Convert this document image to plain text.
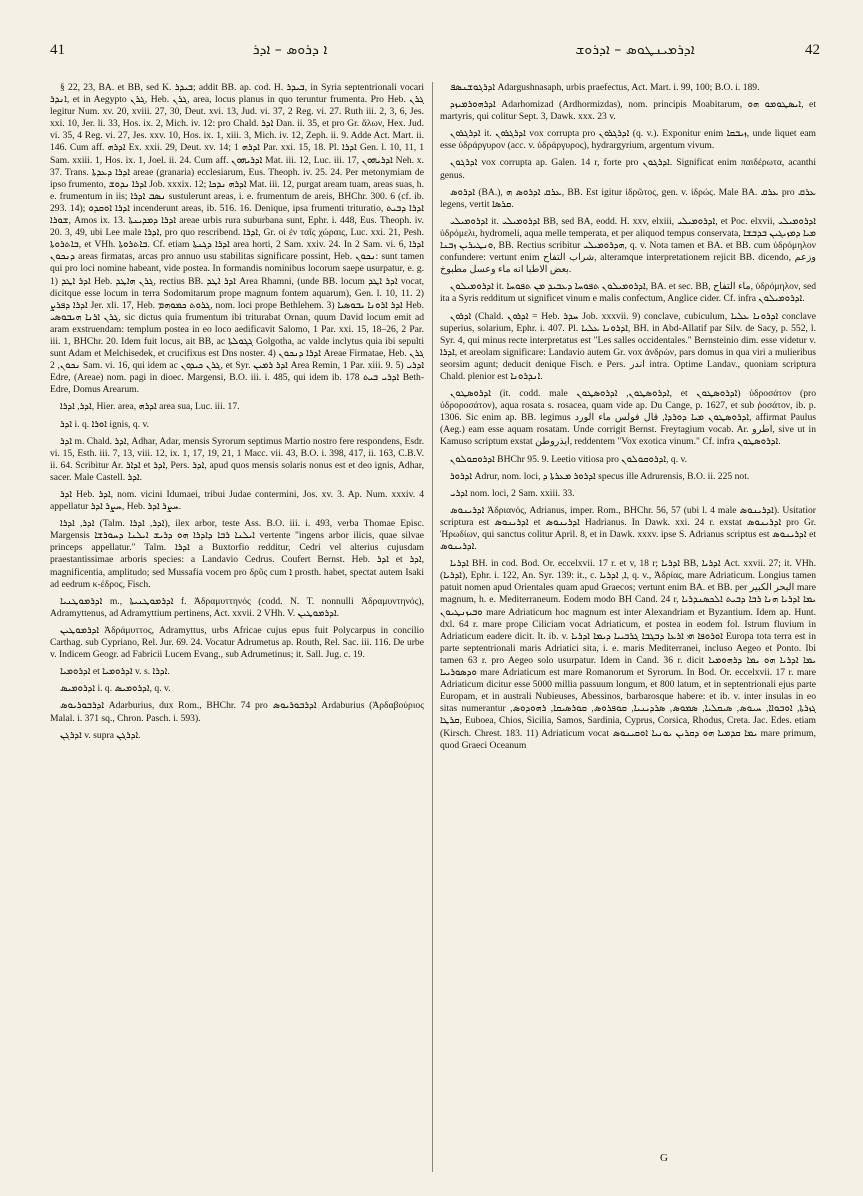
41	ܐ ܕܪܘܣ – ܐܕܪ	ܐܕܪܡܝܢܛܘܣ – ܐܕܪܘܫ	42

§ 22, 23, BA. et BB, sed K. ܒܝܕܪ; addit BB. ap. cod. H. ܒܝܕܪ, in Syria septentrionali vocari ܐܢܕܪ, et in Aegypto ܓܪܢ, Heb. ܓܪܢ, area, locus planus in quo teruntur frumenta. Pro Heb. ܓܪܢ legitur Num. xv. 20, xviii. 27, 30, Deut. xvi. 13, Jud. vi. 37, 2 Reg. vi. 27. Ruth iii. 2, 3, 6, Jes. xxi. 10, Jer. li. 33, Hos. ix. 2, Mich. iv. 12: pro Chald. ܐܕܪ Dan. ii. 35, et pro Gr. ἅλων, Hex. Jud. vi. 35, 4 Reg. vi. 27, Jes. xxv. 10, Hos. ix. 1, xiii. 3, Mich. iv. 12, Zeph. ii. 9. Adde Act. Mart. ii. 146. Cum aff. ܐܕܪܗ Ex. xxii. 29, Deut. xv. 14; ܐܕܪܗ 1 Par. xxi. 15, 18. Pl. ܐܕܪܐ Gen. l. 10, 11, 1 Sam. xxiii. 1, Hos. ix. 1, Joel. ii. 24. Cum aff. ܐܕܪܝܗܘܢ Mat. iii. 12, Luc. iii. 17, ܐܕܪܝܗܘܢ Neh. x. 37. Trans. ܐܕܪܐ ܕܥܕܬܐ areae (granaria) ecclesiarum, Eus. Theoph. iv. 25. 24. Per metonymiam de ipso frumento, ܐܕܪܐ ܢܕܘܫ Job. xxxix. 12; ܐܕܪܗ ܢܕܟܐ Mat. iii. 12, purgat aream tuam, areas suas, h. e. frumentum in iis; ܢܣܒ ܐܕܪܐ sustulerunt areas, i. e. frumentum de areis, BHChr. 300. 6 (cf. ib. 293. 14); ܐܕܪܐ ܐܘܩܕܘ incenderunt areas, ib. 516. 16. Denique, ipsa frumenti trituratio, ܐܕܪܐ ܕܒܝܬ ܫܘܪܐ, Amos ix. 13. ܐܕܪܐ ܕܡܕܝܢܬܐ areae urbis rura suburbana sunt, Ephr. i. 448, Eus. Theoph. iv. 20. 3, 49, ubi Lee male ܐܕܪܐ, pro quo rescribend. ܐܕܪܐ, Gr. οἱ ἐν ταῖς χώραις, Luc. xxi. 21, Pesh. ܒܐܬܪܘܬܐ, et VHh. ܒܐܬܪܘܬܐ. Cf. etiam ܐܕܪܐ ܕܓܢܬܐ area horti, 2 Sam. xxiv. 24. In 2 Sam. vi. 6, ܐܕܪܐ ܕܢܟܘܢ areas firmatas, arcas pro annuo usu stabilitas significare possint, Heb. ܢܟܘܢ: sunt tamen qui pro loci nomine habeant, vide postea. In formandis nominibus locorum saepe usurpatur, e. g. 1) ܐܕܪ ܐܛܕ Heb. ܓܪܢ ܗܐܛܕ, rectius BB. ܐܕܪ ܐܛܕ Area Rhamni, (unde BB. locum ܐܕܪ ܐܛܕ vocat, dicitque esse locum in terra Sodomitarum prope magnum fontem aquarum), Gen. l. 10, 11. 2) ܐܕܪܐ ܕܦܪܨ Jer. xli. 17, Heb. ܓܪܘܬ ܟܡܘܗܡ, nom. loci prope Bethlehem. 3) ܐܕܪ ܐܪܘܢܐ ܝܒܘܣܝܐ Heb. ܓܪܢ ܐܪܢܐ ܗܝܒܘܣܝ, sic dictus quia frumentum ibi triturabat Ornan, quum David locum emit ad aram exstruendam: templum postea in eo loco aedificavit Salomo, 1 Par. xxi. 15, 18–26, 2 Par. iii. 1, BHChr. 20. Idem fuit locus, ait BB, ac ܓܓܘܠܬܐ Golgotha, ac valde inclytus quia ibi sepulti sunt Adam et Melchisedek, et crucifixus est Dns noster. 4) ܐܕܪܐ ܕܢܟܘܢ Areae Firmatae, Heb. ܓܪܢ ܢܟܘܢ, 2 Sam. vi. 16, qui idem ac ܓܪܢ ܟܝܕܘܢ, et Syr. ܐܕܪ ܪܡܝܢ Area Remin, 1 Par. xiii. 9. 5) ܐܕܪܝ Edre, (Areae) nom. pagi in dioec. Margensi, B.O. iii. i. 485, qui idem ib. 178 ܐܕܪܝ ܒܝܬ Beth-Edre, Domus Arearum.

ܐܕܪ, ܐܕܪܐ, Hier. area, ܐܕܪܗ area sua, Luc. iii. 17.

ܐܕܪ i. q. ܐܘܪܐ ignis, q. v.

ܐܕܪ m. Chald. ܐܕܪ, Adhar, Adar, mensis Syrorum septimus Martio nostro fere respondens, Esdr. vi. 15, Esth. iii. 7, 13, viii. 12, ix. 1, 17, 19, 21, 1 Macc. vii. 43, B.O. i. 398, 417, ii. 163, C.B.V. ii. 64. Scribitur Ar. ܐܕܐܪ et ܐܕܪ, Pers. ܐܕܪ, apud quos mensis solaris nonus est et deo ignis, Adhar, sacer. Male Castell. ܐܕܪ.

ܐܕܪ Heb. ܐܕܪ, nom. vicini Idumaei, tribui Judae contermini, Jos. xv. 3. Ap. Num. xxxiv. 4 appellatur ܚܨܪ ܐܕܪ, Heb. ܚܨܪ ܐܕܪ.

ܐܕܪ, ܐܕܪܐ (Talm. ܐܕܪ, ܐܕܪܐ), ilex arbor, teste Ass. B.O. iii. i. 493, verba Thomae Episc. Margensis ܐܝܠܢܐ ܪܒܐ ܕܐܕܪܐ ܗܘ ܕܪܝܫ ܐܝܠܢܐ ܕܚܘܪܫܐ vertente "ingens arbor ilicis, quae silvae princeps appellatur." Talm. ܐܕܪܐ a Buxtorfio redditur, Cedri vel alterius cujusdam praestantissimae arboris species: a Landavio Cedrus. Coufert Bernst. Heb. ܐܕܪ et ܐܕܪ, magnificentia, amplitudo; sed Mussafia vocem pro δρῦς cum ܐ prosth. habet, spectat autem Isaki ad eedrum κ-έδρος, Fisch.

ܐܕܪܡܘܛܢܝܐ m., ܐܕܪܡܘܛܢܝܬܐ f. Ἀδραμυττηνός (codd. N. T. nonnulli Ἀδραμυντηνός), Adramyttenus, ad Adramyttium pertinens, Act. xxvii. 2 VHh. V. ܐܕܪܡܘܛܝܢ.

ܐܕܪܡܘܛܝܢ Ἀδράμυττος, Adramyttus, urbs Africae cujus epus fuit Polycarpus in concilio Carthag. sub Cypriano, Rel. Jur. 69. 24. Vocatur Adrumetus ap. Routh, Rel. Sac. iii. 116. De urbe v. Indicem Geogr. ad Fabricii Lucem Evang., sub Adrumetinus; it. Sall. Jug. c. 19.

ܐܕܪܘܡܝܐ et ܐܕܪܘܡܝܐ v. s. ܐܕܪܐ.

ܐܕܪܘܡܝܣ i. q. ܐܕܪܘܡܝܣ, q. v.

ܐܕܪܒܘܪܝܘܣ Adarburius, dux Rom., BHChr. 74 pro ܐܕܪܒܘܪܝܘܣ Ardaburius (Ἀρδαβούριος Malal. i. 371 sq., Chron. Pasch. i. 593).

ܐܕܪܓܢ v. supra ܐܕܪܓܢ.

ܐܕܪܓܘܫܢܣܦ Adargushnasaph, urbis praefectus, Act. Mart. i. 99, 100; B.O. i. 189.

ܐܕܪܗܘܪܡܝܙܕ Adarhomizad (Ardhormizdas), nom. principis Moabitarum, ܐܝܣܛܘܡܘ ܗܘ, et martyris, qui colitur Sept. 3, Dawk. xxx. 23 v.

ܐܕܪܓܪܘܢ it. ܐܕܪܓܪܘܢ vox corrupta pro ܐܕܪܓܪܘܢ (q. v.). Exponitur enim ܙܝܒܩܐ, unde liquet eam esse ὑδράργυρον (acc. v. ὑδράργυρος), hydrargyrium, argentum vivum.

ܐܕܪܓܘܢ vox corrupta ap. Galen. 14 r, forte pro ܐܕܪܓܘܢ. Significat enim παιδέρωτα, acanthi genus.

ܐܕܪܘܣ (BA.), ܥܪܩ ܐܕܪܘܣ ܗ, BB. Est igitur ἱδρῶτος, gen. v. ἱδρώς. Male BA. ܥܪܩ pro ܥܪܩ legens, vertit ܩܪܣܐ.

ܐܕܪܘܡܝܠܝ it. ܐܕܪܘܡܝܠܝ BB, sed BA, eodd. H. xxv, elxiii, ܐܕܪܘܡܝܠܝ, et Poc. elxvii, ܐܕܪܘܡܝܠܝ ὑδρόμελι, hydromeli, aqua melle temperata, et per aliquod tempus conservata, ܡܝܐ ܕܡܙܝܓܝܢ ܒܕܒܫܐ ܘܢܛܝܪܝܢ ܙܒܢܐ, BB. Rectius scribitur ܗܕܪܘܡܝܠܝ, q. v. Nota tamen et BA. et BB. cum ὑδρόμηλον confundere: vertunt enim شراب التفاح, alteramque interpretationem rejicit BB. dicendo, وزعم بعض الاطبا انه ماء وعسل مطبوخ.

ܐܕܪܘܡܝܠܘܢ it. ܐܕܪܘܡܝܠܘܢ ܬܦܘܚܐ ܕܥܒܝܕ ܡܢ ܬܦܘܚܐ, BA. et sec. BB, ماء التفاح, ὑδρόμηλον, sed ita a Syris redditum ut significet vinum e malis confectum, Anglice cider. Cf. infra ܐܕܪܘܡܝܠܘܢ.

ܐܕܪܘܢ (Chald. ܐܕܪܘܢ = Heb. ܚܕܪ Job. xxxvii. 9) conclave, cubiculum, ܐܕܪܘܢܐ ܥܠܝܐ conclave superius, solarium, Ephr. i. 407. Pl. ܐܕܪܘܢܐ ܥܠܝܐ, BH. in Abd-Allatif par Silv. de Sacy, p. 552, l. Syr. 4, qui minus recte interpretatus est "Les salles occidentales." Bernsteinio dim. esse videtur v. ܐܕܪܐ, et areolam significare: Landavio autem Gr. vox ἀνδρών, pars domus in qua viri a mulieribus seorsim agunt; deducit denique Fisch. e Pers. اندر intra. Optime Landav., quoniam scriptura Chald. plenior est ܐܢܕܪܘܢܐ.

ܐܕܪܘܣܛܘܢ (it. codd. male ܐܕܪܘܣܛܘܢ, ܐܕܪܘܣܛܘܢ, et ܐܕܪܘܣܛܘܢ) ὑδροσάτον (pro ὑδροροσάτον), aqua rosata s. rosacea, quam vide ap. Du Cange, p. 1627, et sub ῥοσάτον, ib. p. 1306. Sic enim ap. BB. legimus ܐܕܪܘܣܛܘܢ ܡܝܐ ܕܘܪܕܐ, قال فولس ماء الورد, affirmat Paulus (Aeg.) eam esse aquam rosatam. Unde corrigit Bernst. Freytagium vocab. Ar. اطرو, sive ut in Kamuso scriptum exstat ايذروطن, reddentem "Vox exotica vinum." Cf. infra ܐܕܪܘܣܛܘܢ.

ܐܕܪܘܩܘܠܘܢ BHChr 95. 9. Leetio vitiosa pro ܐܕܪܘܩܘܠܘܢ, q. v.

ܐܕܪܘܪ Adrur, nom. loci, ܐܕܪܘܪ ܡܥܪܬܐ ܕ specus ille Adrurensis, B.O. ii. 225 not.

ܐܕܪܝ nom. loci, 2 Sam. xxiii. 33.

ܐܕܪܝܢܘܣ Ἀδριανός, Adrianus, imper. Rom., BHChr. 56, 57 (ubi l. 4 male ܐܕܪܝܢܘܣ). Usitatior scriptura est ܐܕܪܝܢܘܣ et ܐܕܪܝܢܘܣ Hadrianus. In Dawk. xxi. 24 r. exstat ܐܕܪܝܢܘܣ pro Gr. Ἡρωδίων, qui sanctus colitur April. 8, et in Dawk. xxxv. ipse S. Adrianus scriptus est ܐܕܪܝܢܘܣ et ܐܕܪܝܢܘܣ.

ܐܕܪܝܐ BH. in cod. Bod. Or. eccelxvii. 17 r. et v, 18 r; ܐܕܪܝܐ BB, ܐܕܪܝܐ Act. xxvii. 27; it. VHh. (ܐܕܪܝܐ), Ephr. i. 122, An. Syr. 139: it., c. ܐ, ܐܕܪܝܐ, q. v., Ἀδρίας, mare Adriaticum. Longius tamen patuit nomen apud Orientales quam apud Graecos; vertunt enim BA. et BB. per البحر الكبير mare magnum, h. e. Mediterraneum. Eodem modo BH Cand. 24 r, ܝܡܐ ܐܕܪܝܐ ܗܢܐ ܪܒܐ ܕܒܝܬ ܐܠܟܣܢܕܪܝܐ ܘܒܝܙܢܛܝܘܢ mare Adriaticum hoc magnum est inter Alexandriam et Byzantium. Idem ap. Hunt. dxl. 64 r. mare prope Ciliciam vocat Adriaticum, et postea in eodem fol. Istrum fluvium in Adriaticum eadere dicit. It. ib. v. ܐܘܪܘܦܐ ܗܝ ܐܪܥܐ ܕܒܓܒܐ ܓܪܒܝܝܐ ܕܝܡܐ ܐܕܪܝܐ Europa tota terra est in parte septentrionali maris Adriatici sita, i. e. maris Mediterranei, incluso Aegeo et Ponto. Ibi tamen 63 r. pro Aegeo solo usurpatur. Idem in Cand. 36 r. dicit ܝܡܐ ܐܕܪܝܐ ܗܘ ܝܡܐ ܕܪܗܘܡܝܐ ܘܕܣܘܪܝܝܐ mare Adriaticum est mare Romanorum et Syrorum. In Bod. Or. eccelxvii. 17 r. mare Adriaticum dicitur esse 5000 millia passuum longum, et 800 latum, et in septentrionali ejus parte Europam, et in australi Nubieuses, Abessinos, barbarosque habere: et ib. v. inter insulas in eo sitas numerantur ܓܙܪܬܐ, ܐܘܒܘܐܐ, ܚܝܘܣ, ܣܝܩܠܝܐ, ܣܡܘܣ, ܣܪܕܝܢܝܐ, ܩܘܦܪܘܣ, ܩܘܪܣܝܩܐ, ܪܗܘܕܘܣ, ܩܪܛܐ, Euboea, Chios, Sicilia, Samos, Sardinia, Cyprus, Corsica, Rhodus, Creta. Jac. Edes. etiam (Kirsch. Chrest. 183. 11) Adriaticum vocat ܝܡܐ ܩܕܡܝܐ ܗܘ ܕܩܪܝܢ ܝܘܢܝܐ ܐܘܩܝܢܘܣ mare primum, quod Graeci Oceanum

G
